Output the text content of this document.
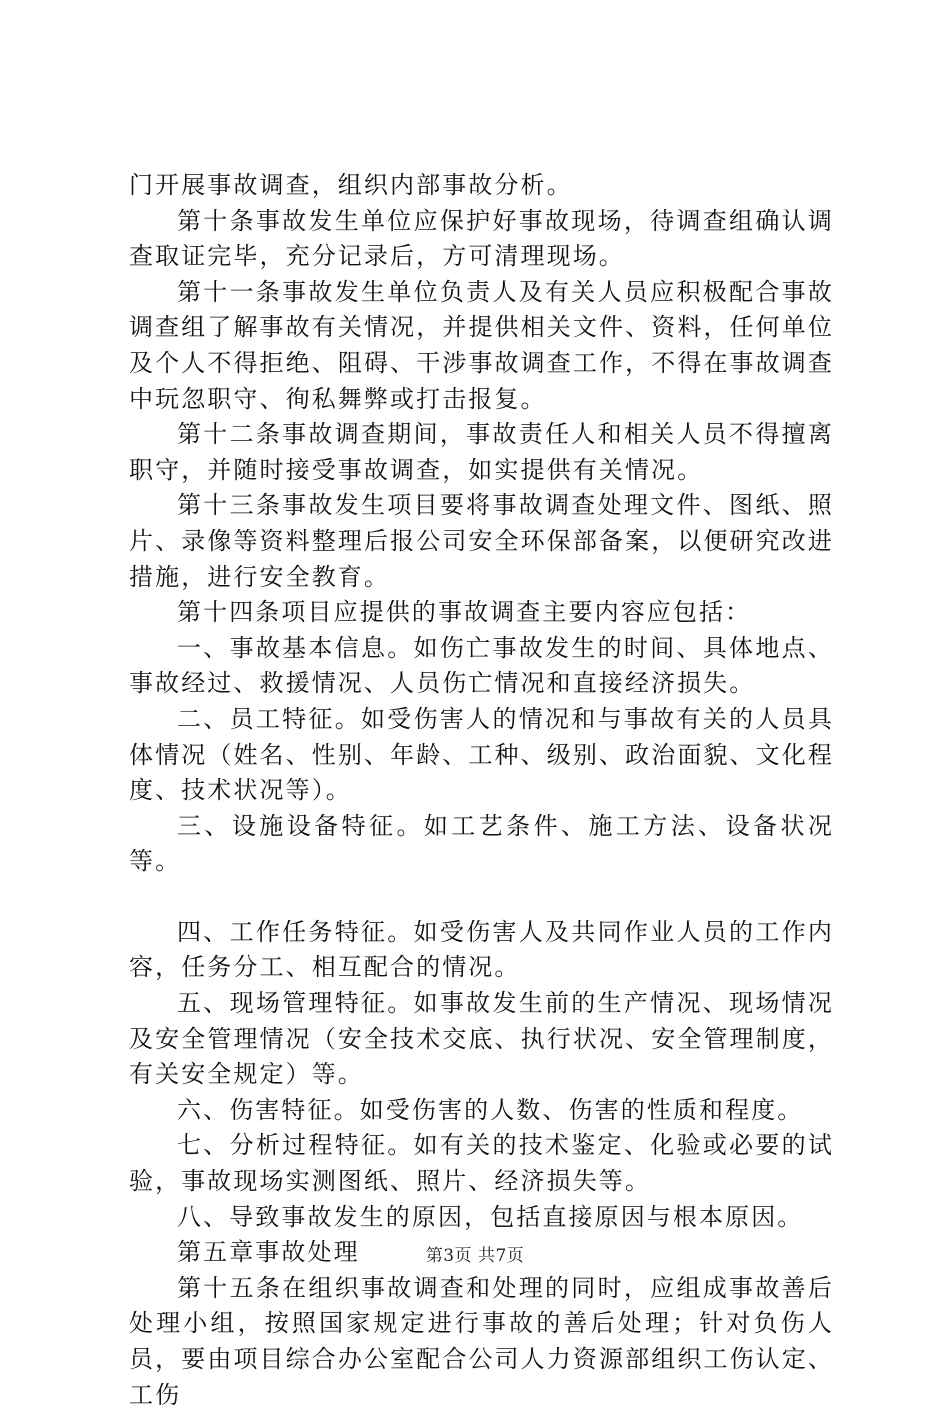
门开展事故调查，组织内部事故分析。

第十条事故发生单位应保护好事故现场，待调查组确认调查取证完毕，充分记录后，方可清理现场。

第十一条事故发生单位负责人及有关人员应积极配合事故调查组了解事故有关情况，并提供相关文件、资料，任何单位及个人不得拒绝、阻碍、干涉事故调查工作，不得在事故调查中玩忽职守、徇私舞弊或打击报复。

第十二条事故调查期间，事故责任人和相关人员不得擅离职守，并随时接受事故调查，如实提供有关情况。

第十三条事故发生项目要将事故调查处理文件、图纸、照片、录像等资料整理后报公司安全环保部备案，以便研究改进措施，进行安全教育。

第十四条项目应提供的事故调查主要内容应包括：

一、事故基本信息。如伤亡事故发生的时间、具体地点、事故经过、救援情况、人员伤亡情况和直接经济损失。

二、员工特征。如受伤害人的情况和与事故有关的人员具体情况（姓名、性别、年龄、工种、级别、政治面貌、文化程度、技术状况等）。

三、设施设备特征。如工艺条件、施工方法、设备状况等。

四、工作任务特征。如受伤害人及共同作业人员的工作内容，任务分工、相互配合的情况。

五、现场管理特征。如事故发生前的生产情况、现场情况及安全管理情况（安全技术交底、执行状况、安全管理制度，有关安全规定）等。

六、伤害特征。如受伤害的人数、伤害的性质和程度。

七、分析过程特征。如有关的技术鉴定、化验或必要的试验，事故现场实测图纸、照片、经济损失等。

八、导致事故发生的原因，包括直接原因与根本原因。

第五章事故处理

第十五条在组织事故调查和处理的同时，应组成事故善后处理小组，按照国家规定进行事故的善后处理；针对负伤人员，要由项目综合办公室配合公司人力资源部组织工伤认定、工伤

第3页 共7页
